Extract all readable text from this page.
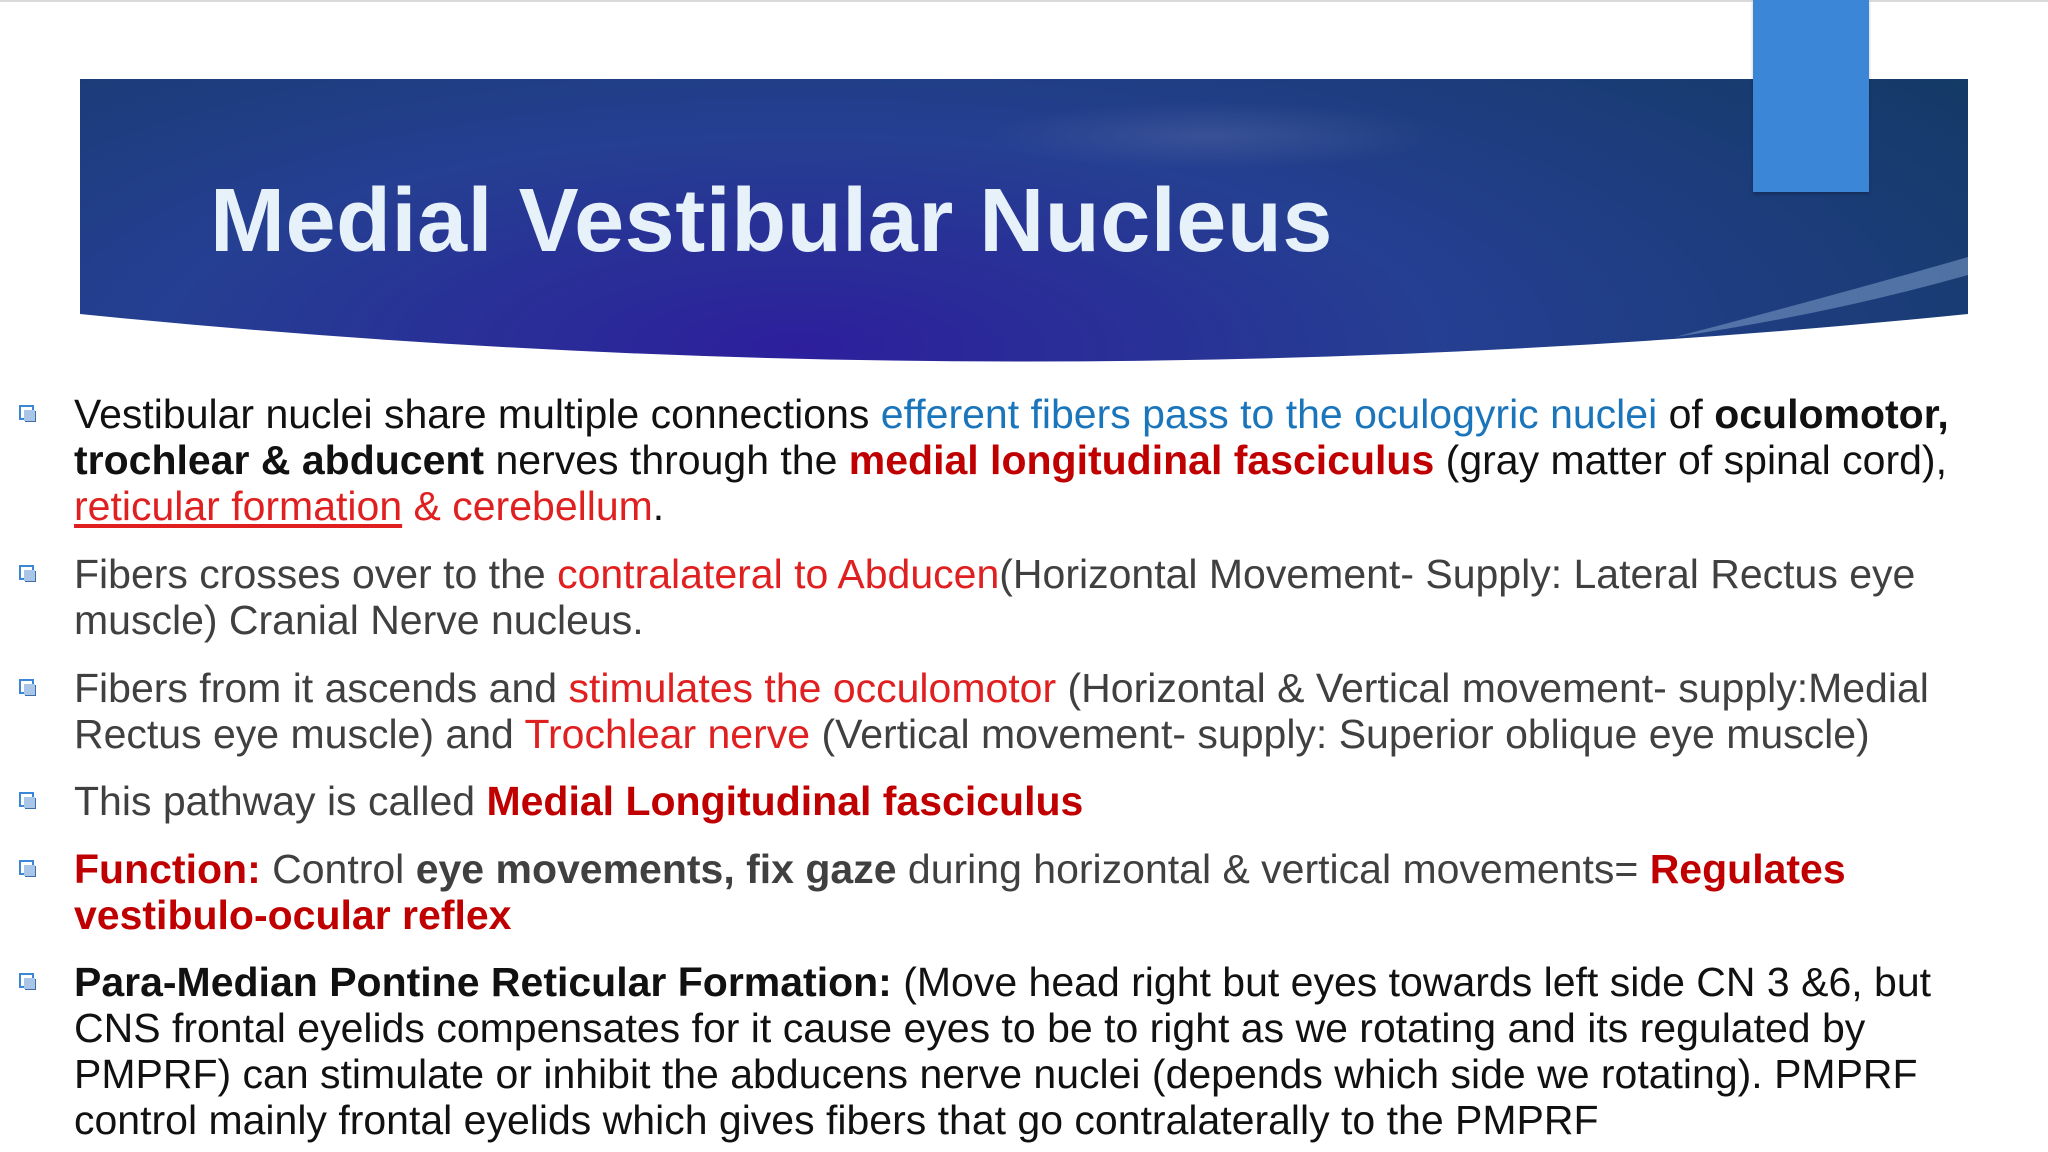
Medial Vestibular Nucleus
Vestibular nuclei share multiple connections efferent fibers pass to the oculogyric nuclei of oculomotor, trochlear & abducent nerves through the medial longitudinal fasciculus (gray matter of spinal cord), reticular formation & cerebellum.
Fibers crosses over to the contralateral to Abducen(Horizontal Movement- Supply: Lateral Rectus eye muscle) Cranial Nerve nucleus.
Fibers from it ascends and stimulates the occulomotor (Horizontal & Vertical movement- supply:Medial Rectus eye muscle) and Trochlear nerve (Vertical movement- supply: Superior oblique eye muscle)
This pathway is called Medial Longitudinal fasciculus
Function: Control eye movements, fix gaze during horizontal & vertical movements= Regulates vestibulo-ocular reflex
Para-Median Pontine Reticular Formation: (Move head right but eyes towards left side CN 3 &6, but CNS frontal eyelids compensates for it cause eyes to be to right as we rotating and its regulated by PMPRF) can stimulate or inhibit the abducens nerve nuclei (depends which side we rotating). PMPRF control mainly frontal eyelids which gives fibers that go contralaterally to the PMPRF
